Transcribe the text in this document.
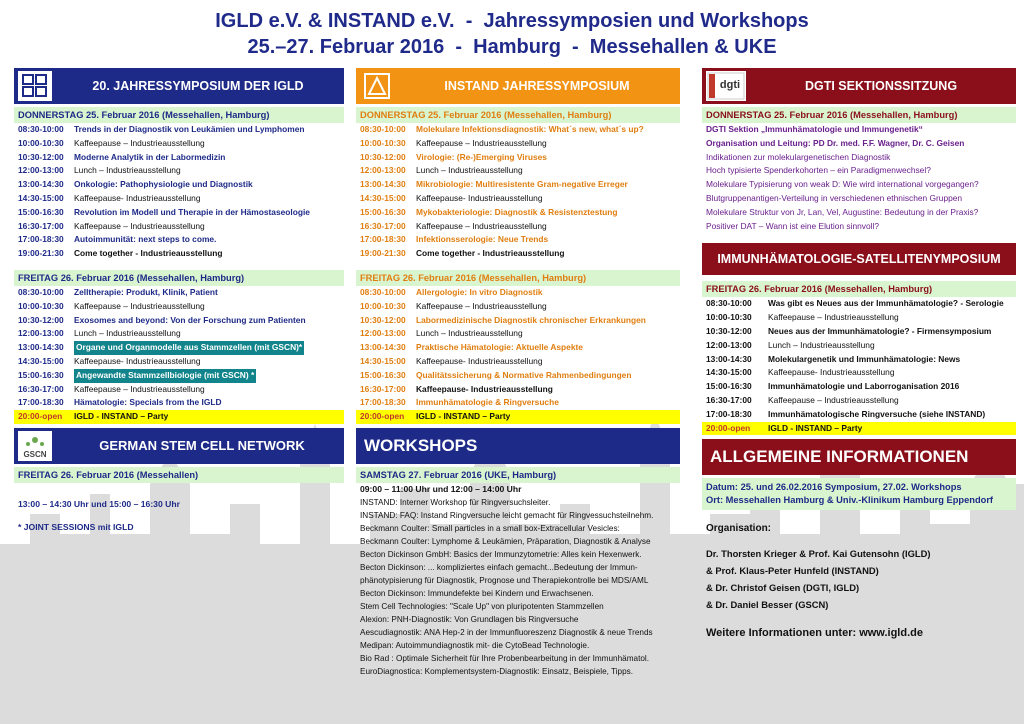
IGLD e.V. & INSTAND e.V.  -  Jahressymposien und Workshops
25.–27. Februar 2016  -  Hamburg  -  Messehallen & UKE
20. JAHRESSYMPOSIUM DER IGLD
DONNERSTAG 25. Februar 2016 (Messehallen, Hamburg)
08:30-10:00	Trends in der Diagnostik von Leukämien und Lymphomen
10:00-10:30	Kaffeepause – Industrieausstellung
10:30-12:00	Moderne Analytik in der Labormedizin
12:00-13:00	Lunch – Industrieausstellung
13:00-14:30	Onkologie: Pathophysiologie und Diagnostik
14:30-15:00	Kaffeepause- Industrieausstellung
15:00-16:30	Revolution im Modell und Therapie in der Hämostaseologie
16:30-17:00	Kaffeepause – Industrieausstellung
17:00-18:30	Autoimmunität: next steps to come.
19:00-21:30	Come together - Industrieausstellung
FREITAG 26. Februar 2016 (Messehallen, Hamburg)
08:30-10:00	Zelltherapie: Produkt, Klinik, Patient
10:00-10:30	Kaffeepause – Industrieausstellung
10:30-12:00	Exosomes and beyond: Von der Forschung zum Patienten
12:00-13:00	Lunch – Industrieausstellung
13:00-14:30	Organe und Organmodelle aus Stammzellen (mit GSCN)*
14:30-15:00	Kaffeepause- Industrieausstellung
15:00-16:30	Angewandte Stammzellbiologie (mit GSCN) *
16:30-17:00	Kaffeepause – Industrieausstellung
17:00-18:30	Hämatologie: Specials from the IGLD
20:00-open	IGLD - INSTAND – Party
GSCN
GERMAN STEM CELL NETWORK
FREITAG 26. Februar 2016 (Messehallen)
13:00 – 14:30 Uhr und 15:00 – 16:30 Uhr
* JOINT SESSIONS mit IGLD
INSTAND JAHRESSYMPOSIUM
DONNERSTAG 25. Februar 2016 (Messehallen, Hamburg)
08:30-10:00	Molekulare Infektionsdiagnostik: What´s new, what´s up?
10:00-10:30	Kaffeepause – Industrieausstellung
10:30-12:00	Virologie: (Re-)Emerging Viruses
12:00-13:00	Lunch – Industrieausstellung
13:00-14:30	Mikrobiologie: Multiresistente Gram-negative Erreger
14:30-15:00	Kaffeepause- Industrieausstellung
15:00-16:30	Mykobakteriologie: Diagnostik & Resistenztestung
16:30-17:00	Kaffeepause – Industrieausstellung
17:00-18:30	Infektionsserologie: Neue Trends
19:00-21:30	Come together - Industrieausstellung
FREITAG 26. Februar 2016 (Messehallen, Hamburg)
08:30-10:00	Allergologie: In vitro Diagnostik
10:00-10:30	Kaffeepause – Industrieausstellung
10:30-12:00	Labormedizinische Diagnostik chronischer Erkrankungen
12:00-13:00	Lunch – Industrieausstellung
13:00-14:30	Praktische Hämatologie: Aktuelle Aspekte
14:30-15:00	Kaffeepause- Industrieausstellung
15:00-16:30	Qualitätssicherung & Normative Rahmenbedingungen
16:30-17:00	Kaffeepause- Industrieausstellung
17:00-18:30	Immunhämatologie & Ringversuche
20:00-open	IGLD - INSTAND – Party
WORKSHOPS
SAMSTAG 27. Februar 2016 (UKE, Hamburg)
09:00 – 11:00 Uhr und 12:00 – 14:00 Uhr
INSTAND: Interner Workshop für Ringversuchsleiter.
INSTAND: FAQ: Instand Ringversuche leicht gemacht für Ringvessuchsteilnehm.
Beckmann Coulter: Small particles in a small box-Extracellular Vesicles:
Beckmann Coulter: Lymphome & Leukämien, Präparation, Diagnostik & Analyse
Becton Dickinson GmbH: Basics der Immunzytometrie: Alles kein Hexenwerk.
Becton Dickinson: ... kompliziertes einfach gemacht...Bedeutung der Immun-
phänotypisierung für Diagnostik, Prognose und Therapiekontrolle bei MDS/AML
Becton Dickinson: Immundefekte bei Kindern und Erwachsenen.
Stem Cell Technologies: "Scale Up" von pluripotenten Stammzellen
Alexion: PNH-Diagnostik: Von Grundlagen bis Ringversuche
Aescudiagnostik: ANA Hep-2 in der Immunfluoreszenz Diagnostik & neue Trends
Medipan: Autoimmundiagnostik mit- die CytoBead Technologie.
Bio Rad : Optimale Sicherheit für Ihre Probenbearbeitung in der Immunhämatol.
EuroDiagnostica: Komplementsystem-Diagnostik: Einsatz, Beispiele, Tipps.
dgti	DGTI SEKTIONSSITZUNG
DONNERSTAG 25. Februar 2016 (Messehallen, Hamburg)
DGTI Sektion „Immunhämatologie und Immungenetik“
Organisation und Leitung: PD Dr. med. F.F. Wagner, Dr. C. Geisen
Indikationen zur molekulargenetischen Diagnostik
Hoch typisierte Spenderkohorten – ein Paradigmenwechsel?
Molekulare Typisierung von weak D: Wie wird international vorgegangen?
Blutgruppenantigen-Verteilung in verschiedenen ethnischen Gruppen
Molekulare Struktur von Jr, Lan, Vel, Augustine: Bedeutung in der Praxis?
Positiver DAT – Wann ist eine Elution sinnvoll?
IMMUNHÄMATOLOGIE-SATELLITENYMPOSIUM
FREITAG 26. Februar 2016 (Messehallen, Hamburg)
08:30-10:00	Was gibt es Neues aus der Immunhämatologie? - Serologie
10:00-10:30	Kaffeepause – Industrieausstellung
10:30-12:00	Neues aus der Immunhämatologie? - Firmensymposium
12:00-13:00	Lunch – Industrieausstellung
13:00-14:30	Molekulargenetik und Immunhämatologie: News
14:30-15:00	Kaffeepause- Industrieausstellung
15:00-16:30	Immunhämatologie und Laborroganisation 2016
16:30-17:00	Kaffeepause – Industrieausstellung
17:00-18:30	Immunhämatologische Ringversuche (siehe INSTAND)
20:00-open	IGLD - INSTAND – Party
ALLGEMEINE INFORMATIONEN
Datum: 25. und 26.02.2016 Symposium, 27.02. Workshops
Ort: Messehallen Hamburg & Univ.-Klinikum Hamburg Eppendorf
Organisation:
Dr. Thorsten Krieger & Prof. Kai Gutensohn (IGLD)
& Prof. Klaus-Peter Hunfeld (INSTAND)
& Dr. Christof Geisen (DGTI, IGLD)
& Dr. Daniel Besser (GSCN)
Weitere Informationen unter: www.igld.de
